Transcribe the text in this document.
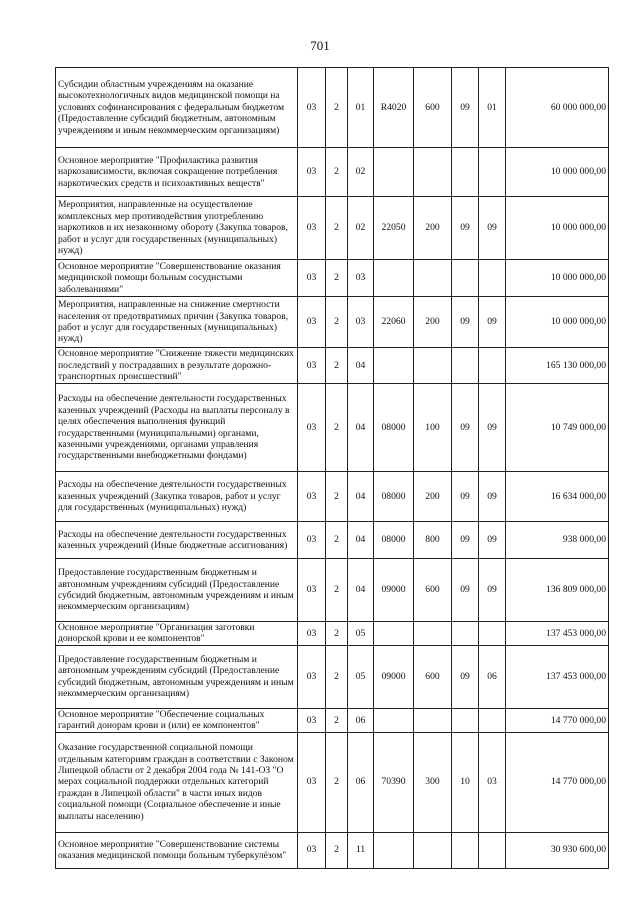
701
Субсидии областным учреждениям на оказание высокотехнологичных видов медицинской помощи на условиях софинансирования с федеральным бюджетом (Предоставление субсидий бюджетным, автономным учреждениям и иным некоммерческим организациям)	03	2	01	R4020	600	09	01	60 000 000,00
Основное мероприятие "Профилактика развития наркозависимости, включая сокращение потребления наркотических средств и психоактивных веществ"	03	2	02					10 000 000,00
Мероприятия, направленные на осуществление комплексных мер противодействия употреблению наркотиков и их незаконному обороту (Закупка товаров, работ и услуг для государственных (муниципальных) нужд)	03	2	02	22050	200	09	09	10 000 000,00
Основное мероприятие "Совершенствование оказания медицинской помощи больным сосудистыми заболеваниями"	03	2	03					10 000 000,00
Мероприятия, направленные на снижение смертности населения от предотвратимых причин (Закупка товаров, работ и услуг для государственных (муниципальных) нужд)	03	2	03	22060	200	09	09	10 000 000,00
Основное мероприятие "Снижение тяжести медицинских последствий у пострадавших в результате дорожно-транспортных происшествий"	03	2	04					165 130 000,00
Расходы на обеспечение деятельности государственных казенных учреждений (Расходы на выплаты персоналу в целях обеспечения выполнения функций государственными (муниципальными) органами, казенными учреждениями, органами управления государственными внебюджетными фондами)	03	2	04	08000	100	09	09	10 749 000,00
Расходы на обеспечение деятельности государственных казенных учреждений (Закупка товаров, работ и услуг для государственных (муниципальных) нужд)	03	2	04	08000	200	09	09	16 634 000,00
Расходы на обеспечение деятельности государственных казенных учреждений (Иные бюджетные ассигнования)	03	2	04	08000	800	09	09	938 000,00
Предоставление государственным бюджетным и автономным учреждениям субсидий (Предоставление субсидий бюджетным, автономным учреждениям и иным некоммерческим организациям)	03	2	04	09000	600	09	09	136 809 000,00
Основное мероприятие "Организация заготовки донорской крови и ее компонентов"	03	2	05					137 453 000,00
Предоставление государственным бюджетным и автономным учреждениям субсидий (Предоставление субсидий бюджетным, автономным учреждениям и иным некоммерческим организациям)	03	2	05	09000	600	09	06	137 453 000,00
Основное мероприятие "Обеспечение социальных гарантий донорам крови и (или) ее компонентов"	03	2	06					14 770 000,00
Оказание государственной социальной помощи отдельным категориям граждан в соответствии с Законом Липецкой области от 2 декабря 2004 года № 141-ОЗ "О мерах социальной поддержки отдельных категорий граждан в Липецкой области" в части иных видов социальной помощи (Социальное обеспечение и иные выплаты населению)	03	2	06	70390	300	10	03	14 770 000,00
Основное мероприятие "Совершенствование системы оказания медицинской помощи больным туберкулёзом"	03	2	11					30 930 600,00
